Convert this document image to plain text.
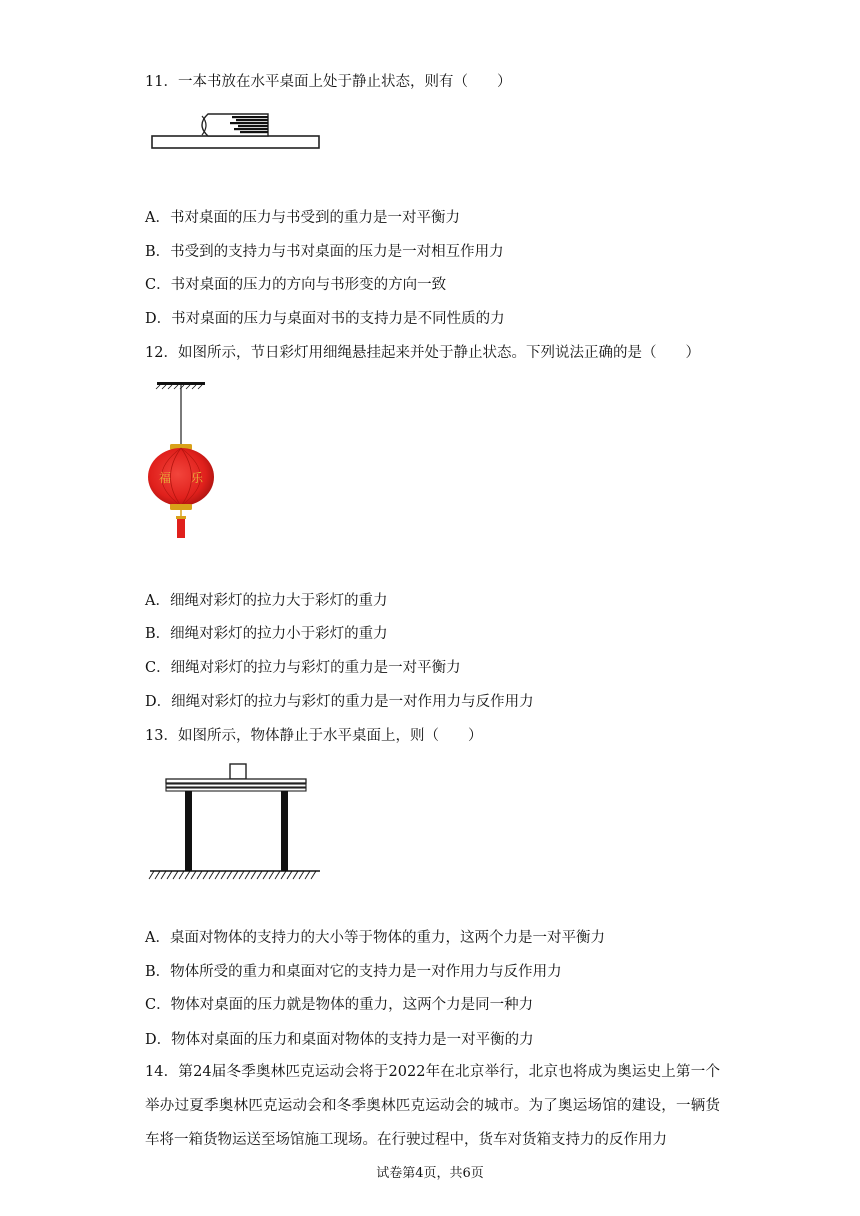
11．一本书放在水平桌面上处于静止状态，则有（　　）
A．书对桌面的压力与书受到的重力是一对平衡力
B．书受到的支持力与书对桌面的压力是一对相互作用力
C．书对桌面的压力的方向与书形变的方向一致
D．书对桌面的压力与桌面对书的支持力是不同性质的力
12．如图所示，节日彩灯用细绳悬挂起来并处于静止状态。下列说法正确的是（　　）
福 乐
A．细绳对彩灯的拉力大于彩灯的重力
B．细绳对彩灯的拉力小于彩灯的重力
C．细绳对彩灯的拉力与彩灯的重力是一对平衡力
D．细绳对彩灯的拉力与彩灯的重力是一对作用力与反作用力
13．如图所示，物体静止于水平桌面上，则（　　）
A．桌面对物体的支持力的大小等于物体的重力，这两个力是一对平衡力
B．物体所受的重力和桌面对它的支持力是一对作用力与反作用力
C．物体对桌面的压力就是物体的重力，这两个力是同一种力
D．物体对桌面的压力和桌面对物体的支持力是一对平衡的力
14．第24届冬季奥林匹克运动会将于2022年在北京举行，北京也将成为奥运史上第一个举办过夏季奥林匹克运动会和冬季奥林匹克运动会的城市。为了奥运场馆的建设，一辆货车将一箱货物运送至场馆施工现场。在行驶过程中，货车对货箱支持力的反作用力
试卷第4页，共6页
